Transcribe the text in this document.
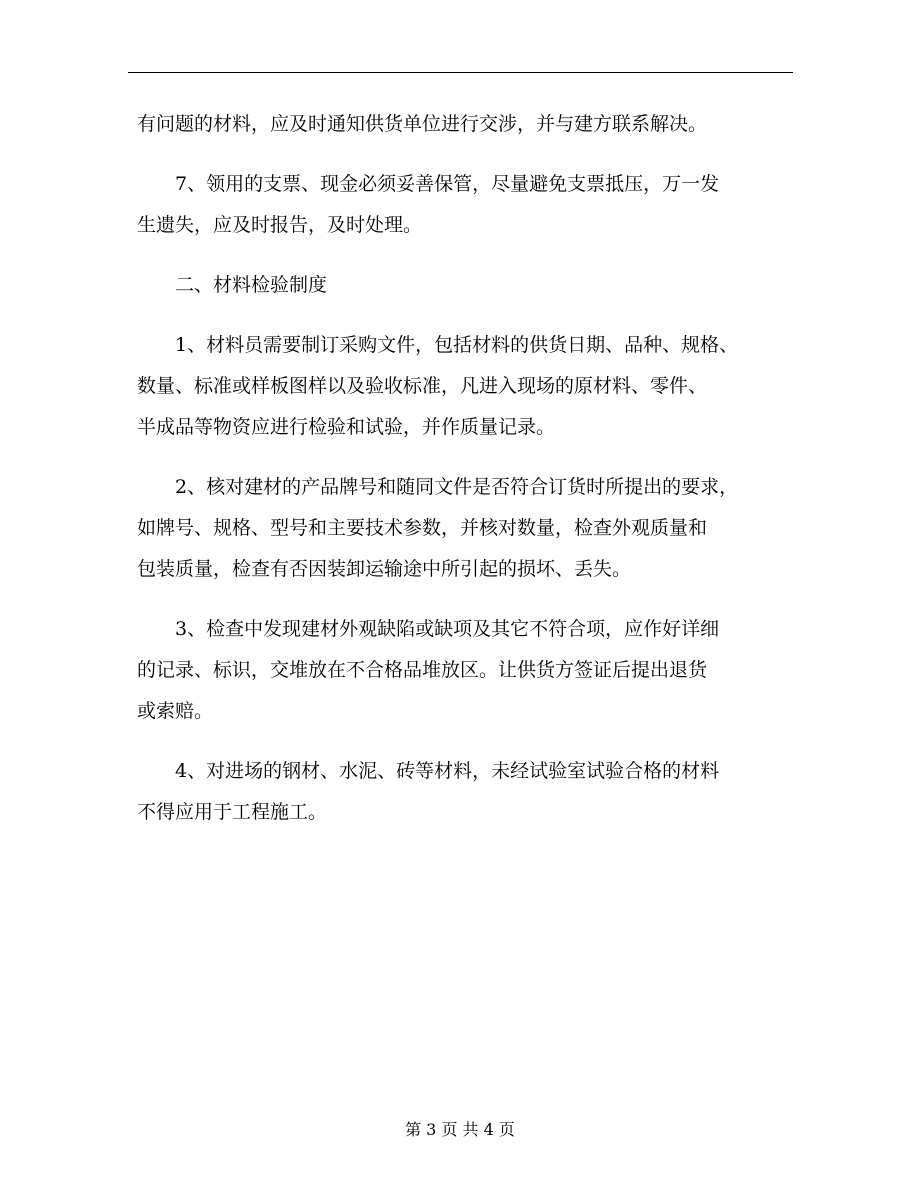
有问题的材料，应及时通知供货单位进行交涉，并与建方联系解决。

7、领用的支票、现金必须妥善保管，尽量避免支票抵压，万一发
生遗失，应及时报告，及时处理。

二、材料检验制度

1、材料员需要制订采购文件，包括材料的供货日期、品种、规格、
数量、标准或样板图样以及验收标准，凡进入现场的原材料、零件、
半成品等物资应进行检验和试验，并作质量记录。

2、核对建材的产品牌号和随同文件是否符合订货时所提出的要求，
如牌号、规格、型号和主要技术参数，并核对数量，检查外观质量和
包装质量，检查有否因装卸运输途中所引起的损坏、丢失。

3、检查中发现建材外观缺陷或缺项及其它不符合项，应作好详细
的记录、标识，交堆放在不合格品堆放区。让供货方签证后提出退货
或索赔。

4、对进场的钢材、水泥、砖等材料，未经试验室试验合格的材料
不得应用于工程施工。

第 3 页 共 4 页
